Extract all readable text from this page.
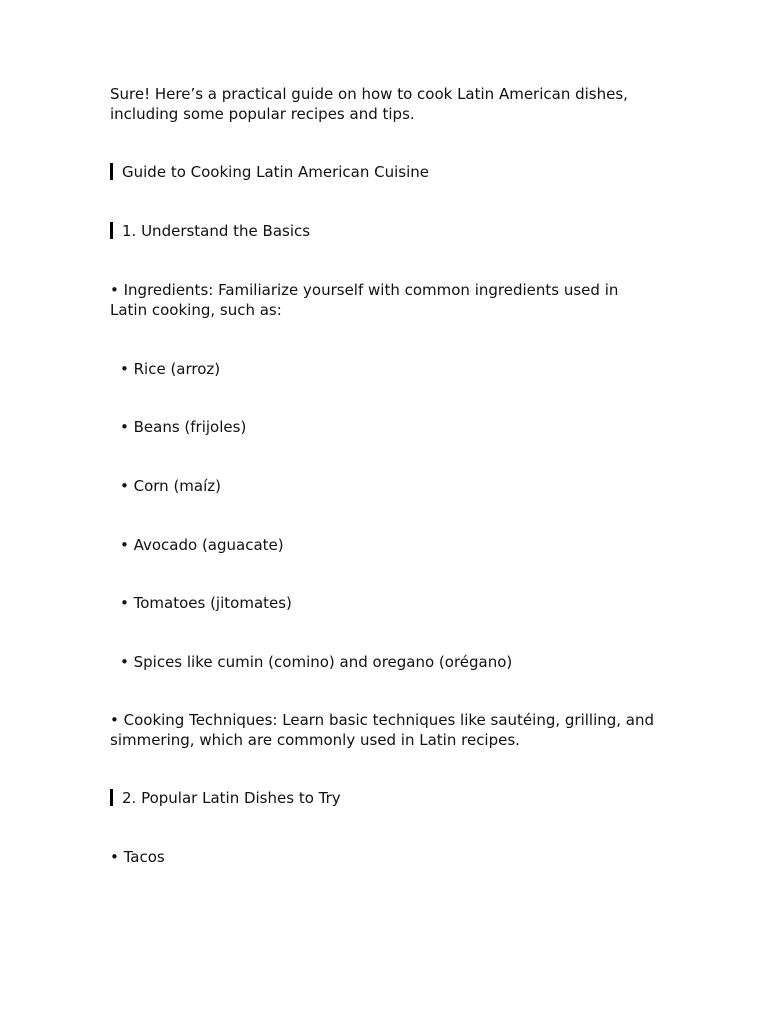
Sure! Here’s a practical guide on how to cook Latin American dishes, including some popular recipes and tips.
Guide to Cooking Latin American Cuisine
1. Understand the Basics
• Ingredients: Familiarize yourself with common ingredients used in Latin cooking, such as:
• Rice (arroz)
• Beans (frijoles)
• Corn (maíz)
• Avocado (aguacate)
• Tomatoes (jitomates)
• Spices like cumin (comino) and oregano (orégano)
• Cooking Techniques: Learn basic techniques like sautéing, grilling, and simmering, which are commonly used in Latin recipes.
2. Popular Latin Dishes to Try
• Tacos
